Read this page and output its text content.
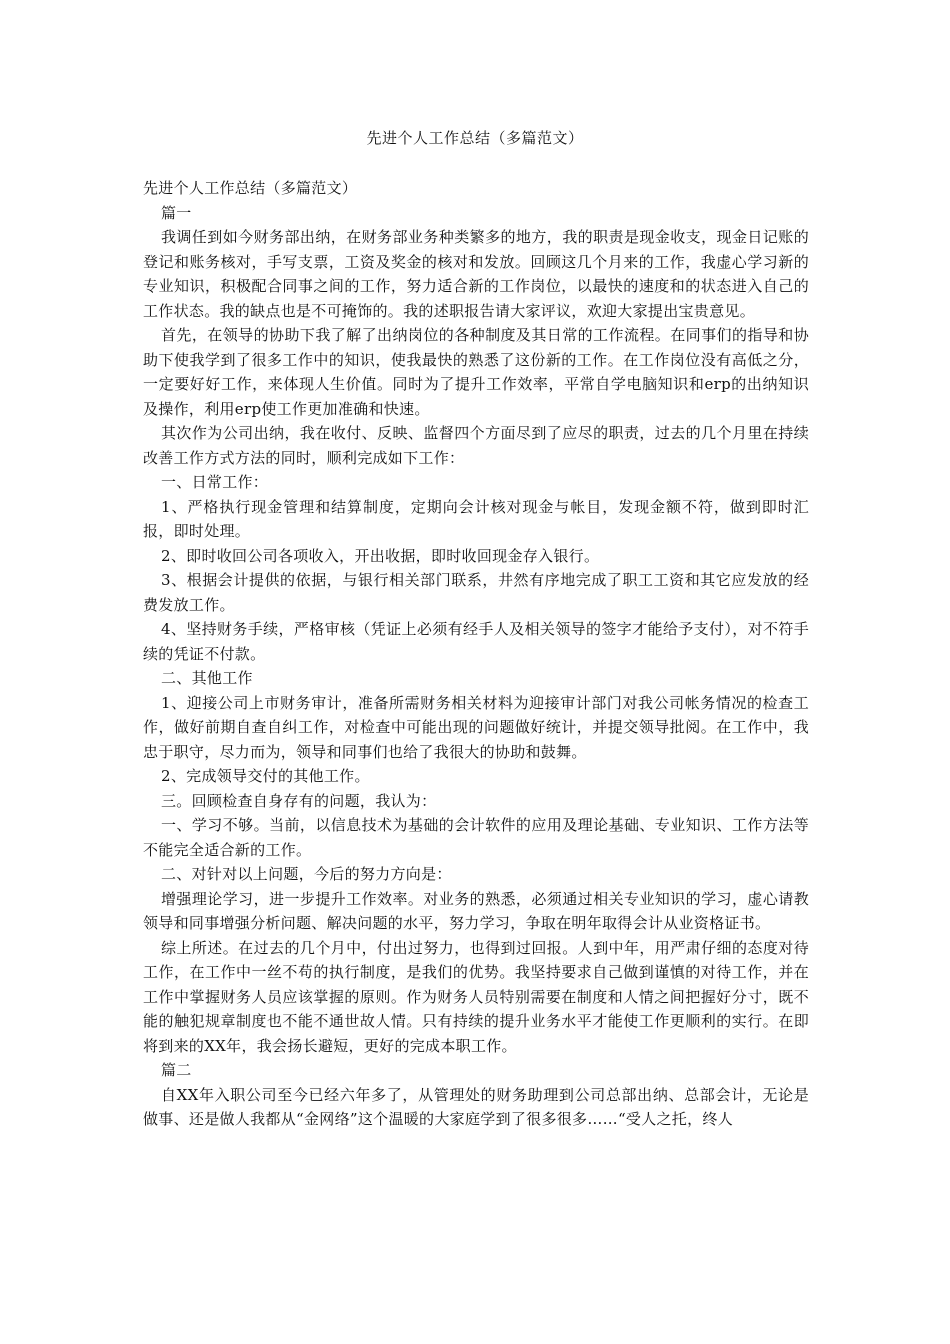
先进个人工作总结（多篇范文）

先进个人工作总结（多篇范文）

篇一

我调任到如今财务部出纳，在财务部业务种类繁多的地方，我的职责是现金收支，现金日记账的登记和账务核对，手写支票，工资及奖金的核对和发放。回顾这几个月来的工作，我虚心学习新的专业知识，积极配合同事之间的工作，努力适合新的工作岗位，以最快的速度和的状态进入自己的工作状态。我的缺点也是不可掩饰的。我的述职报告请大家评议，欢迎大家提出宝贵意见。

首先，在领导的协助下我了解了出纳岗位的各种制度及其日常的工作流程。在同事们的指导和协助下使我学到了很多工作中的知识，使我最快的熟悉了这份新的工作。在工作岗位没有高低之分，一定要好好工作，来体现人生价值。同时为了提升工作效率，平常自学电脑知识和erp的出纳知识及操作，利用erp使工作更加准确和快速。

其次作为公司出纳，我在收付、反映、监督四个方面尽到了应尽的职责，过去的几个月里在持续改善工作方式方法的同时，顺利完成如下工作：

一、日常工作：

1、严格执行现金管理和结算制度，定期向会计核对现金与帐目，发现金额不符，做到即时汇报，即时处理。

2、即时收回公司各项收入，开出收据，即时收回现金存入银行。

3、根据会计提供的依据，与银行相关部门联系，井然有序地完成了职工工资和其它应发放的经费发放工作。

4、坚持财务手续，严格审核（凭证上必须有经手人及相关领导的签字才能给予支付），对不符手续的凭证不付款。

二、其他工作

1、迎接公司上市财务审计，准备所需财务相关材料为迎接审计部门对我公司帐务情况的检查工作，做好前期自查自纠工作，对检查中可能出现的问题做好统计，并提交领导批阅。在工作中，我忠于职守，尽力而为，领导和同事们也给了我很大的协助和鼓舞。

2、完成领导交付的其他工作。

三。回顾检查自身存有的问题，我认为：

一、学习不够。当前，以信息技术为基础的会计软件的应用及理论基础、专业知识、工作方法等不能完全适合新的工作。

二、对针对以上问题，今后的努力方向是：

增强理论学习，进一步提升工作效率。对业务的熟悉，必须通过相关专业知识的学习，虚心请教领导和同事增强分析问题、解决问题的水平，努力学习，争取在明年取得会计从业资格证书。

综上所述。在过去的几个月中，付出过努力，也得到过回报。人到中年，用严肃仔细的态度对待工作，在工作中一丝不苟的执行制度，是我们的优势。我坚持要求自己做到谨慎的对待工作，并在工作中掌握财务人员应该掌握的原则。作为财务人员特别需要在制度和人情之间把握好分寸，既不能的触犯规章制度也不能不通世故人情。只有持续的提升业务水平才能使工作更顺利的实行。在即将到来的XX年，我会扬长避短，更好的完成本职工作。

篇二

自XX年入职公司至今已经六年多了，从管理处的财务助理到公司总部出纳、总部会计，无论是做事、还是做人我都从“金网络”这个温暖的大家庭学到了很多很多……“受人之托，终人
